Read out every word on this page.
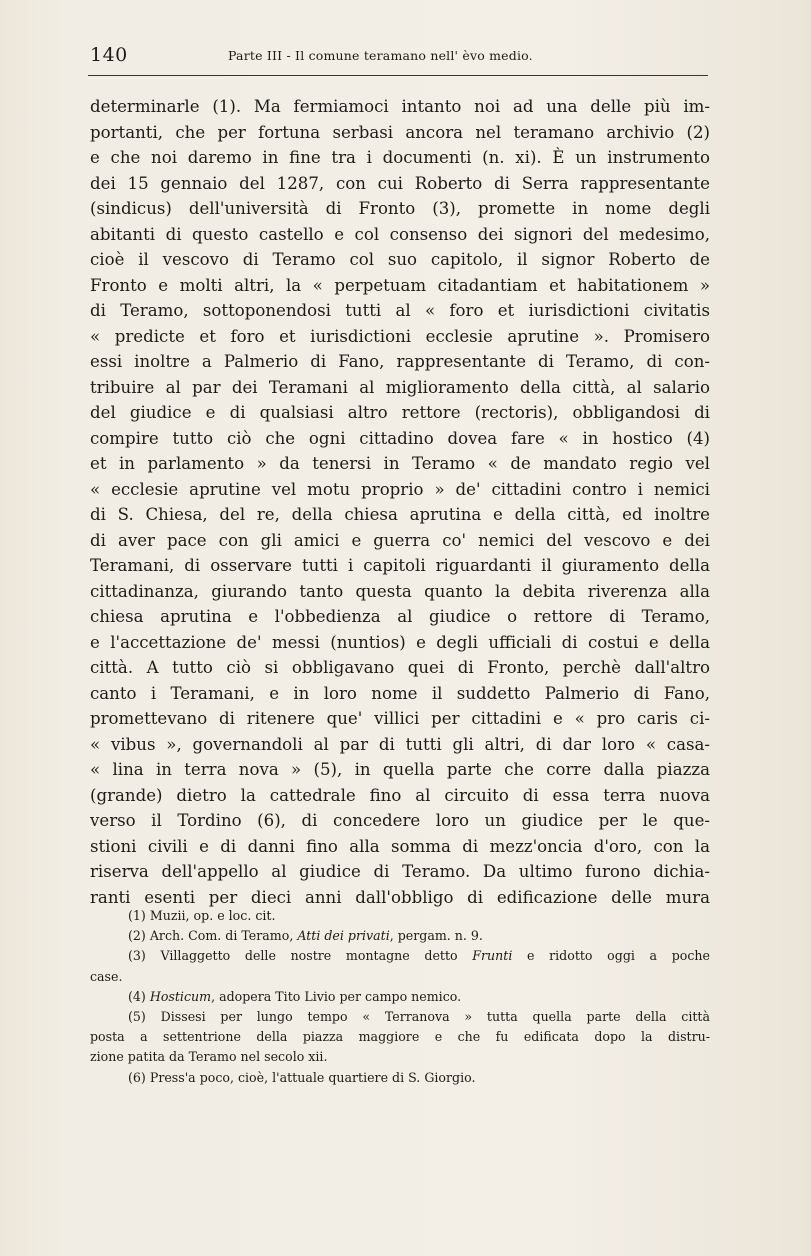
140	Parte III - Il comune teramano nell' èvo medio.
determinarle (1). Ma fermiamoci intanto noi ad una delle più im-
portanti, che per fortuna serbasi ancora nel teramano archivio (2)
e che noi daremo in fine tra i documenti (n. xi). È un instrumento
dei 15 gennaio del 1287, con cui Roberto di Serra rappresentante
(sindicus) dell'università di Fronto (3), promette in nome degli
abitanti di questo castello e col consenso dei signori del medesimo,
cioè il vescovo di Teramo col suo capitolo, il signor Roberto de
Fronto e molti altri, la « perpetuam citadantiam et habitationem »
di Teramo, sottoponendosi tutti al « foro et iurisdictioni civitatis
« predicte et foro et iurisdictioni ecclesie aprutine ». Promisero
essi inoltre a Palmerio di Fano, rappresentante di Teramo, di con-
tribuire al par dei Teramani al miglioramento della città, al salario
del giudice e di qualsiasi altro rettore (rectoris), obbligandosi di
compire tutto ciò che ogni cittadino dovea fare « in hostico (4)
et in parlamento » da tenersi in Teramo « de mandato regio vel
« ecclesie aprutine vel motu proprio » de' cittadini contro i nemici
di S. Chiesa, del re, della chiesa aprutina e della città, ed inoltre
di aver pace con gli amici e guerra co' nemici del vescovo e dei
Teramani, di osservare tutti i capitoli riguardanti il giuramento della
cittadinanza, giurando tanto questa quanto la debita riverenza alla
chiesa aprutina e l'obbedienza al giudice o rettore di Teramo,
e l'accettazione de' messi (nuntios) e degli ufficiali di costui e della
città. A tutto ciò si obbligavano quei di Fronto, perchè dall'altro
canto i Teramani, e in loro nome il suddetto Palmerio di Fano,
promettevano di ritenere que' villici per cittadini e « pro caris ci-
« vibus », governandoli al par di tutti gli altri, di dar loro « casa-
« lina in terra nova » (5), in quella parte che corre dalla piazza
(grande) dietro la cattedrale fino al circuito di essa terra nuova
verso il Tordino (6), di concedere loro un giudice per le que-
stioni civili e di danni fino alla somma di mezz'oncia d'oro, con la
riserva dell'appello al giudice di Teramo. Da ultimo furono dichia-
ranti esenti per dieci anni dall'obbligo di edificazione delle mura
(1) Muzii, op. e loc. cit.
(2) Arch. Com. di Teramo, Atti dei privati, pergam. n. 9.
(3) Villaggetto delle nostre montagne detto Frunti e ridotto oggi a poche
case.
(4) Hosticum, adopera Tito Livio per campo nemico.
(5) Dissesi per lungo tempo « Terranova » tutta quella parte della città
posta a settentrione della piazza maggiore e che fu edificata dopo la distru-
zione patita da Teramo nel secolo xii.
(6) Press'a poco, cioè, l'attuale quartiere di S. Giorgio.
